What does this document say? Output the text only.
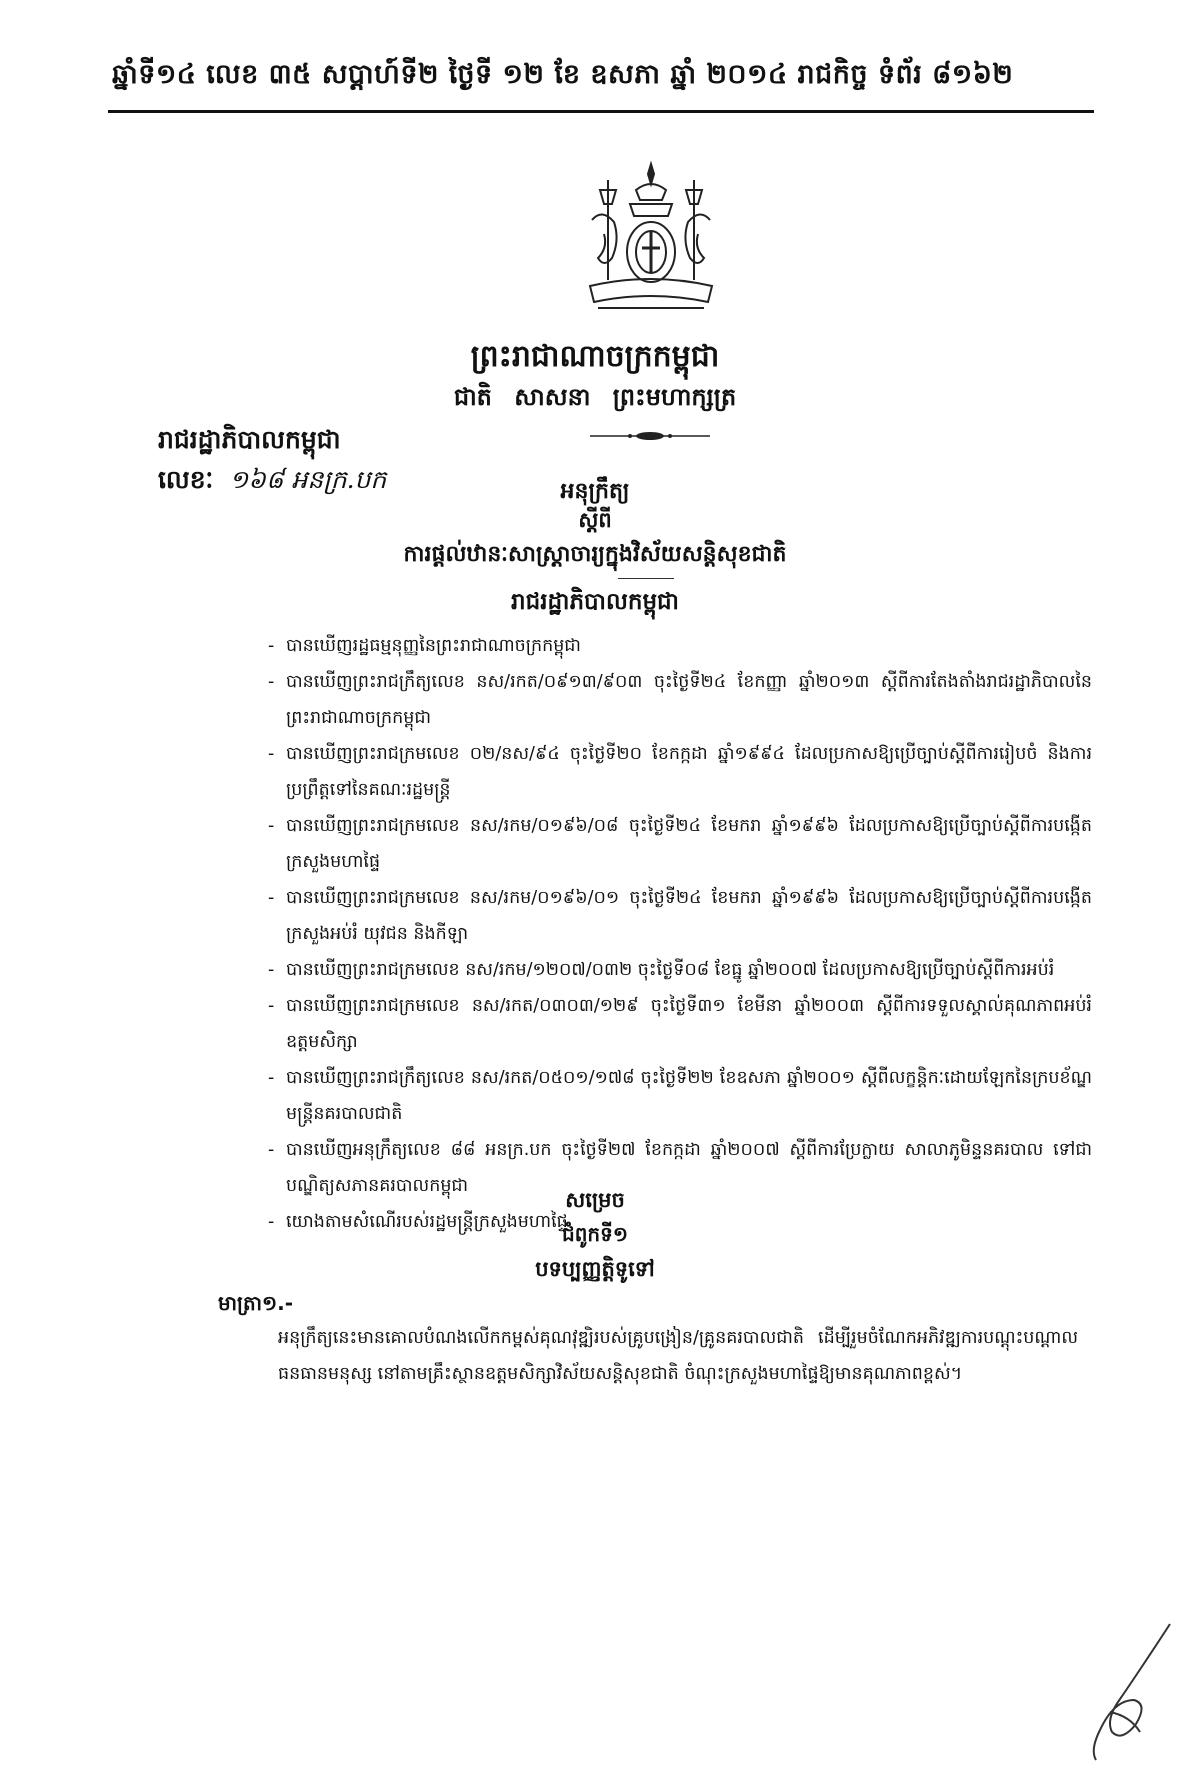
ឆ្នាំទី១៤ លេខ ៣៥ សប្តាហ៍ទី២ ថ្ងៃទី ១២ ខែ ឧសភា ឆ្នាំ ២០១៤ រាជកិច្ច ទំព័រ ៨១៦២
ព្រះរាជាណាចក្រកម្ពុជា
ជាតិ សាសនា ព្រះមហាក្សត្រ
រាជរដ្ឋាភិបាលកម្ពុជា
លេខៈ ១៦៨ អនក្រ.បក	អនុក្រឹត្យ
ស្តីពី
ការផ្តល់ឋានៈសាស្ត្រាចារ្យក្នុងវិស័យសន្តិសុខជាតិ
រាជរដ្ឋាភិបាលកម្ពុជា
- បានឃើញរដ្ឋធម្មនុញ្ញនៃព្រះរាជាណាចក្រកម្ពុជា
- បានឃើញព្រះរាជក្រឹត្យលេខ នស/រកត/០៩១៣/៩០៣ ចុះថ្ងៃទី២៤ ខែកញ្ញា ឆ្នាំ២០១៣ ស្តីពីការតែងតាំងរាជរដ្ឋាភិបាលនៃព្រះរាជាណាចក្រកម្ពុជា
- បានឃើញព្រះរាជក្រមលេខ ០២/នស/៩៤ ចុះថ្ងៃទី២០ ខែកក្កដា ឆ្នាំ១៩៩៤ ដែលប្រកាសឱ្យប្រើច្បាប់ស្តីពីការរៀបចំ និងការប្រព្រឹត្តទៅនៃគណៈរដ្ឋមន្ត្រី
- បានឃើញព្រះរាជក្រមលេខ នស/រកម/០១៩៦/០៨ ចុះថ្ងៃទី២៤ ខែមករា ឆ្នាំ១៩៩៦ ដែលប្រកាសឱ្យប្រើច្បាប់ស្តីពីការបង្កើតក្រសួងមហាផ្ទៃ
- បានឃើញព្រះរាជក្រមលេខ នស/រកម/០១៩៦/០១ ចុះថ្ងៃទី២៤ ខែមករា ឆ្នាំ១៩៩៦ ដែលប្រកាសឱ្យប្រើច្បាប់ស្តីពីការបង្កើតក្រសួងអប់រំ យុវជន និងកីឡា
- បានឃើញព្រះរាជក្រមលេខ នស/រកម/១២០៧/០៣២ ចុះថ្ងៃទី០៨ ខែធ្នូ ឆ្នាំ២០០៧ ដែលប្រកាសឱ្យប្រើច្បាប់ស្តីពីការអប់រំ
- បានឃើញព្រះរាជក្រមលេខ នស/រកត/០៣០៣/១២៩ ចុះថ្ងៃទី៣១ ខែមីនា ឆ្នាំ២០០៣ ស្តីពីការទទួលស្គាល់គុណភាពអប់រំឧត្តមសិក្សា
- បានឃើញព្រះរាជក្រឹត្យលេខ នស/រកត/០៥០១/១៧៨ ចុះថ្ងៃទី២២ ខែឧសភា ឆ្នាំ២០០១ ស្តីពីលក្ខន្តិកៈដោយឡែកនៃក្របខ័ណ្ឌមន្ត្រីនគរបាលជាតិ
- បានឃើញអនុក្រឹត្យលេខ ៨៨ អនក្រ.បក ចុះថ្ងៃទី២៧ ខែកក្កដា ឆ្នាំ២០០៧ ស្តីពីការប្រែក្លាយ សាលាភូមិន្ទនគរបាល ទៅជាបណ្ឌិត្យសភានគរបាលកម្ពុជា
- យោងតាមសំណើរបស់រដ្ឋមន្ត្រីក្រសួងមហាផ្ទៃ
សម្រេច
ជំពូកទី១
បទប្បញ្ញត្តិទូទៅ
មាត្រា១.-

អនុក្រឹត្យនេះមានគោលបំណងលើកកម្ពស់គុណវុឌ្ឍិរបស់គ្រូបង្រៀន/គ្រូនគរបាលជាតិ ដើម្បីរួមចំណែកអភិវឌ្ឍការបណ្តុះបណ្តាលធនធានមនុស្ស នៅតាមគ្រឹះស្ថានឧត្តមសិក្សាវិស័យសន្តិសុខជាតិ ចំណុះក្រសួងមហាផ្ទៃឱ្យមានគុណភាពខ្ពស់។
